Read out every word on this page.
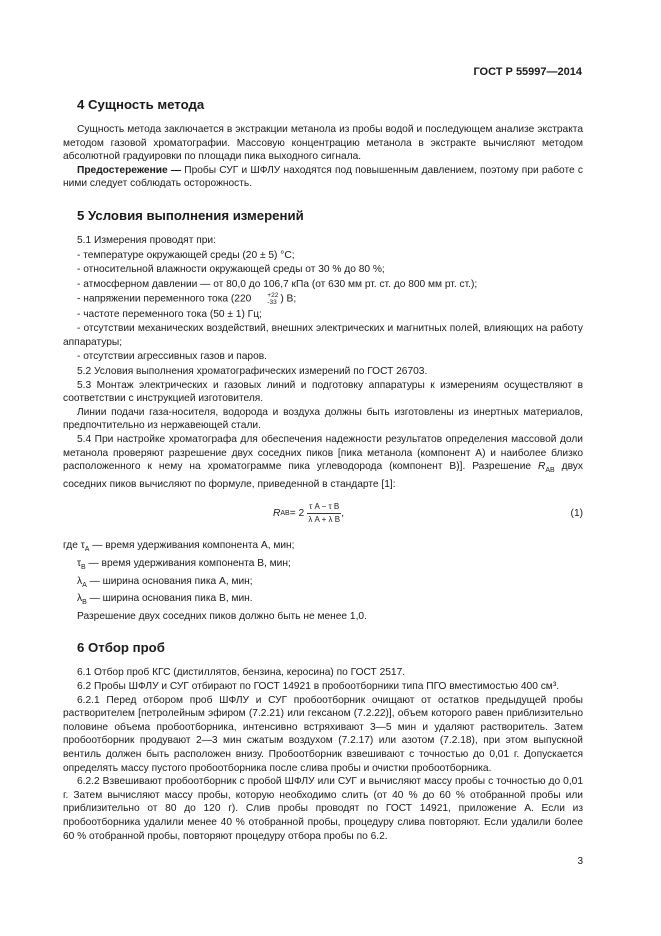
ГОСТ Р 55997—2014
4 Сущность метода

Сущность метода заключается в экстракции метанола из пробы водой и последующем анализе экстракта методом газовой хроматографии. Массовую концентрацию метанола в экстракте вычисляют методом абсолютной градуировки по площади пика выходного сигнала.

Предостережение — Пробы СУГ и ШФЛУ находятся под повышенным давлением, поэтому при работе с ними следует соблюдать осторожность.

5 Условия выполнения измерений

5.1 Измерения проводят при:

- температуре окружающей среды (20 ± 5) °С;

- относительной влажности окружающей среды от 30 % до 80 %;

- атмосферном давлении — от 80,0 до 106,7 кПа (от 630 мм рт. ст. до 800 мм рт. ст.);

- напряжении переменного тока (220	+22
-33 ) В;

- частоте переменного тока (50 ± 1) Гц;

- отсутствии механических воздействий, внешних электрических и магнитных полей, влияющих на работу аппаратуры;

- отсутствии агрессивных газов и паров.

5.2 Условия выполнения хроматографических измерений по ГОСТ 26703.

5.3 Монтаж электрических и газовых линий и подготовку аппаратуры к измерениям осуществляют в соответствии с инструкцией изготовителя.

Линии подачи газа-носителя, водорода и воздуха должны быть изготовлены из инертных материалов, предпочтительно из нержавеющей стали.

5.4 При настройке хроматографа для обеспечения надежности результатов определения массовой доли метанола проверяют разрешение двух соседних пиков [пика метанола (компонент А) и наиболее близко расположенного к нему на хроматограмме пика углеводорода (компонент В)]. Разрешение $R_{AB}$ двух соседних пиков вычисляют по формуле, приведенной в стандарте [1]:

R AB = $2 \frac{\text{τ A − τ B}}{\text{λ A + λ B}}$ ,	(1)
где $\tau_A$ — время удерживания компонента А, мин;
$\tau_B$ — время удерживания компонента В, мин;
$\lambda_A$ — ширина основания пика А, мин;
$\lambda_B$ — ширина основания пика В, мин.

Разрешение двух соседних пиков должно быть не менее 1,0.

6 Отбор проб

6.1 Отбор проб КГС (дистиллятов, бензина, керосина) по ГОСТ 2517.

6.2 Пробы ШФЛУ и СУГ отбирают по ГОСТ 14921 в пробоотборники типа ПГО вместимостью 400 см³.

6.2.1 Перед отбором проб ШФЛУ и СУГ пробоотборник очищают от остатков предыдущей пробы растворителем [петролейным эфиром (7.2.21) или гексаном (7.2.22)], объем которого равен приблизительно половине объема пробоотборника, интенсивно встряхивают 3—5 мин и удаляют растворитель. Затем пробоотборник продувают 2—3 мин сжатым воздухом (7.2.17) или азотом (7.2.18), при этом выпускной вентиль должен быть расположен внизу. Пробоотборник взвешивают с точностью до 0,01 г. Допускается определять массу пустого пробоотборника после слива пробы и очистки пробоотборника.

6.2.2 Взвешивают пробоотборник с пробой ШФЛУ или СУГ и вычисляют массу пробы с точностью до 0,01 г. Затем вычисляют массу пробы, которую необходимо слить (от 40 % до 60 % отобранной пробы или приблизительно от 80 до 120 г). Слив пробы проводят по ГОСТ 14921, приложение А. Если из пробоотборника удалили менее 40 % отобранной пробы, процедуру слива повторяют. Если удалили более 60 % отобранной пробы, повторяют процедуру отбора пробы по 6.2.

3
